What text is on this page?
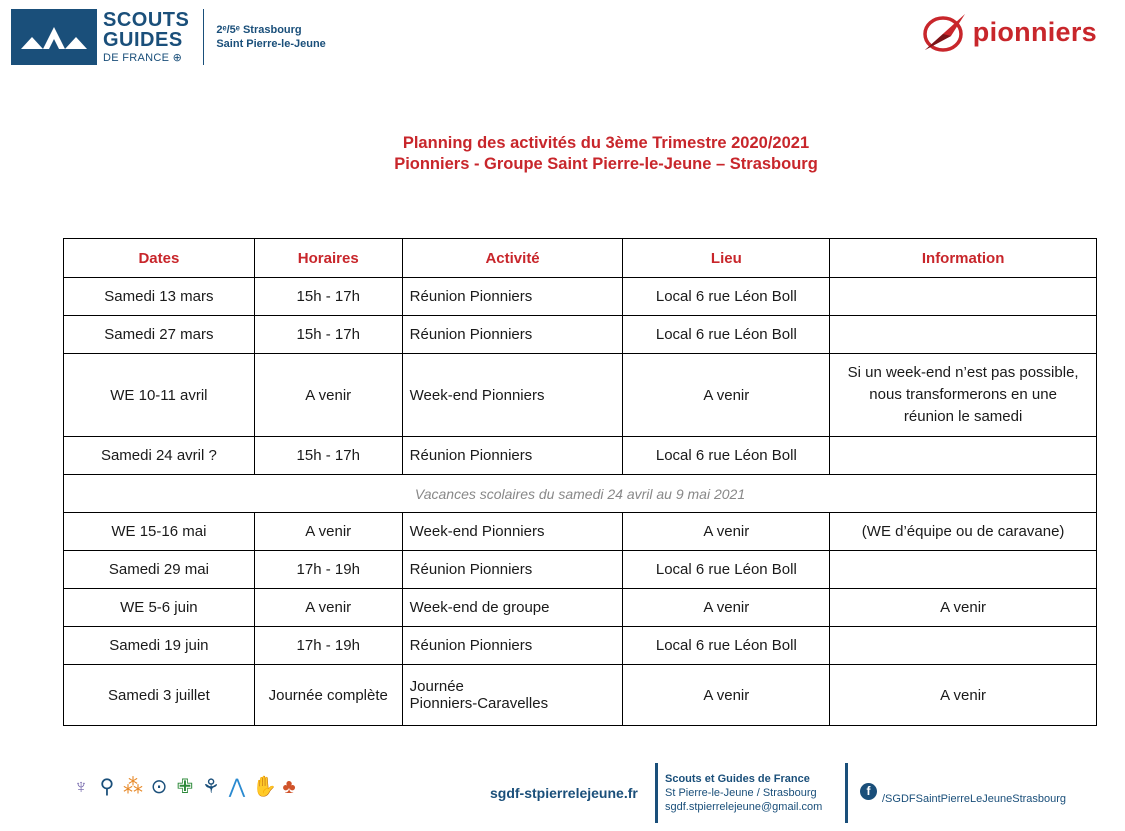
SCOUTS
GUIDES
DE FRANCE ⊕
2ᵉ/5ᵉ Strasbourg
Saint Pierre-le-Jeune	pionniers
Planning des activités du 3ème Trimestre 2020/2021
Pionniers - Groupe Saint Pierre-le-Jeune – Strasbourg
Dates	Horaires	Activité	Lieu	Information
Samedi 13 mars	15h - 17h	Réunion Pionniers	Local 6 rue Léon Boll	
Samedi 27 mars	15h - 17h	Réunion Pionniers	Local 6 rue Léon Boll	
WE 10-11 avril	A venir	Week-end Pionniers	A venir	Si un week-end n’est pas possible,
nous transformerons en une
réunion le samedi

Samedi 24 avril ?	15h - 17h	Réunion Pionniers	Local 6 rue Léon Boll	
Vacances scolaires du samedi 24 avril au 9 mai 2021				
WE 15-16 mai	A venir	Week-end Pionniers	A venir	(WE d’équipe ou de caravane)
Samedi 29 mai	17h - 19h	Réunion Pionniers	Local 6 rue Léon Boll	
WE 5-6 juin	A venir	Week-end de groupe	A venir	A venir
Samedi 19 juin	17h - 19h	Réunion Pionniers	Local 6 rue Léon Boll	
Samedi 3 juillet	Journée complète	Journée
Pionniers-Caravelles	A venir	A venir
♆ ⚲ ⁂ ⊙ ✙ ⚘ ⋀ ✋ ♣	sgdf-stpierrelejeune.fr
Scouts et Guides de France
St Pierre-le-Jeune / Strasbourg
sgdf.stpierrelejeune@gmail.com
f
/SGDFSaintPierreLeJeuneStrasbourg
